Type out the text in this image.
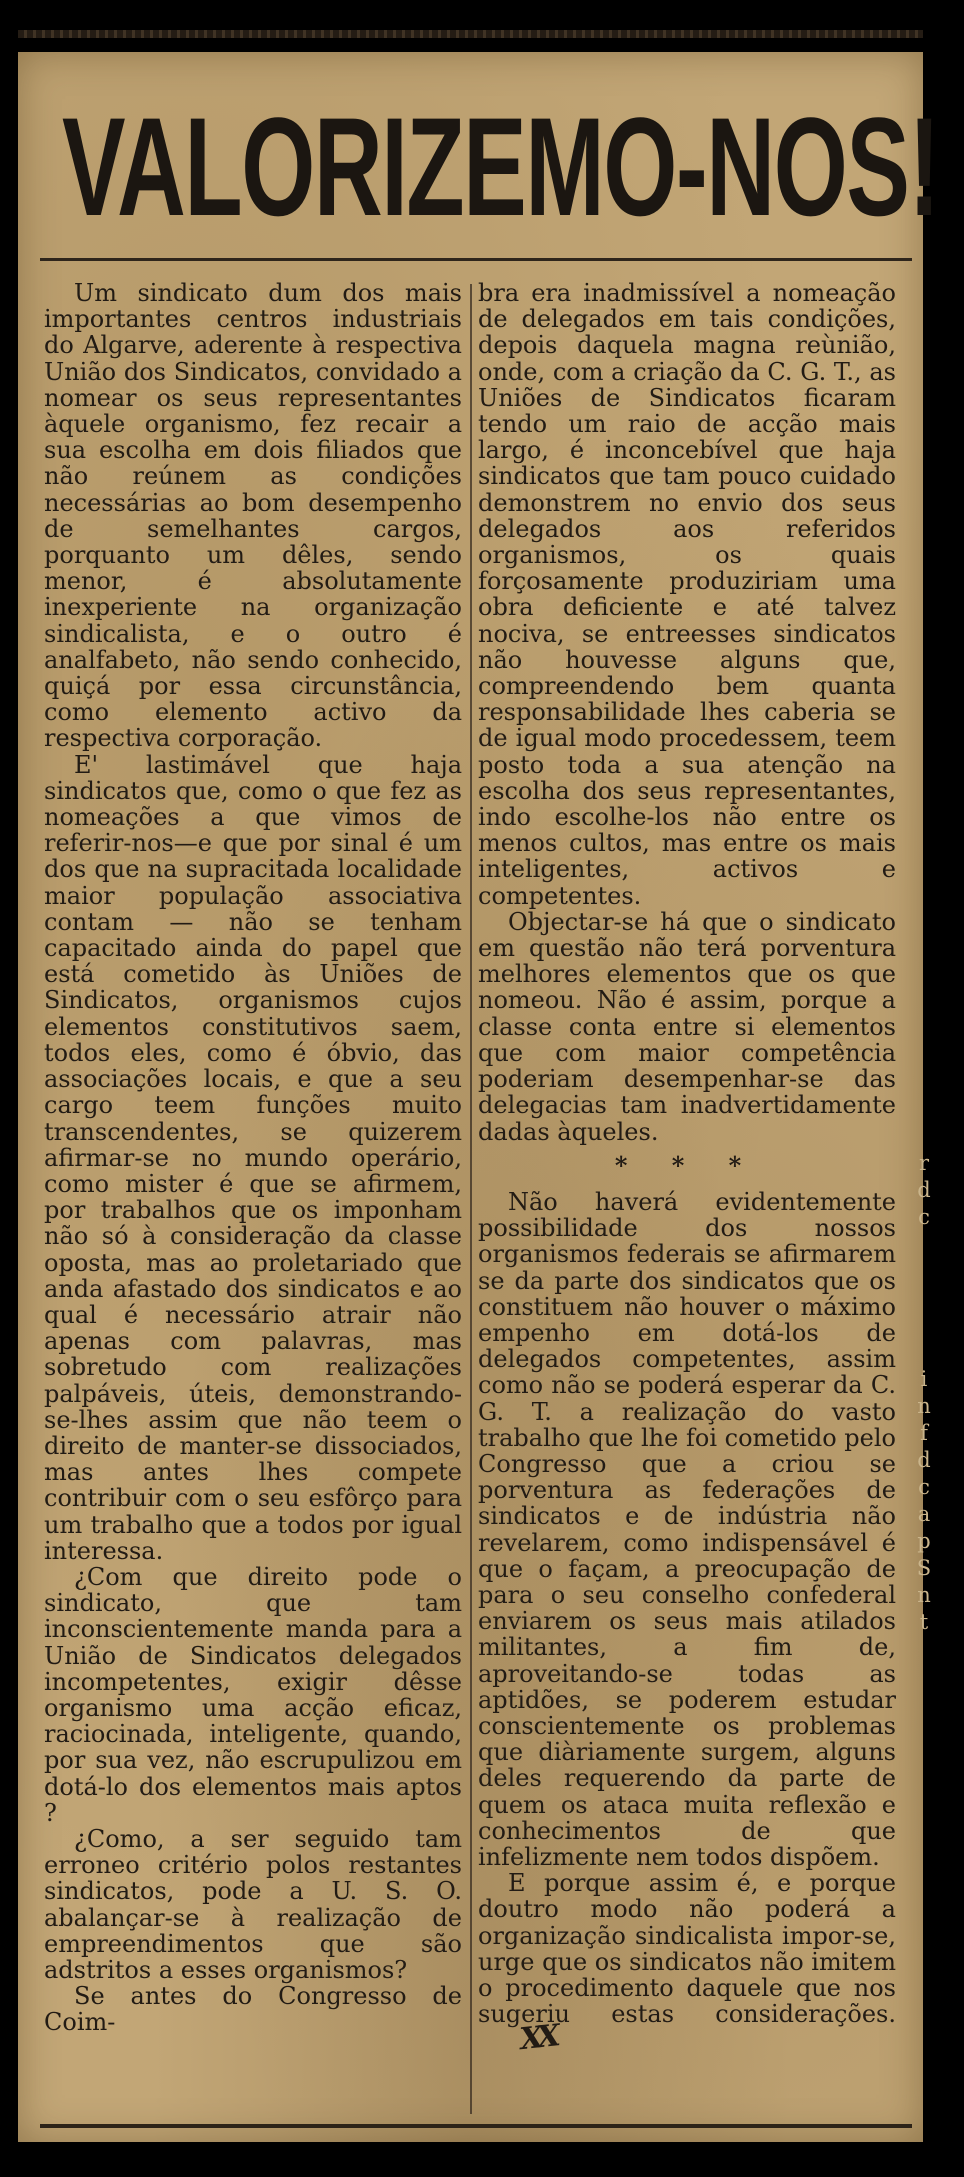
VALORIZEMO-NOS!

Um sindicato dum dos mais importantes centros industriais do Algarve, aderente à respectiva União dos Sindicatos, convidado a nomear os seus representantes àquele organismo, fez recair a sua escolha em dois filiados que não reúnem as condições necessárias ao bom desempenho de semelhantes cargos, porquanto um dêles, sendo menor, é absolutamente inexperiente na organização sindicalista, e o outro é analfabeto, não sendo conhecido, quiçá por essa circunstância, como elemento activo da respectiva corporação.

E' lastimável que haja sindicatos que, como o que fez as nomeações a que vimos de referir-nos—e que por sinal é um dos que na supracitada localidade maior população associativa contam — não se tenham capacitado ainda do papel que está cometido às Uniões de Sindicatos, organismos cujos elementos constitutivos saem, todos eles, como é óbvio, das associações locais, e que a seu cargo teem funções muito transcendentes, se quizerem afirmar-se no mundo operário, como mister é que se afirmem, por trabalhos que os imponham não só à consideração da classe oposta, mas ao proletariado que anda afastado dos sindicatos e ao qual é necessário atrair não apenas com palavras, mas sobretudo com realizações palpáveis, úteis, demonstrando-se-lhes assim que não teem o direito de manter-se dissociados, mas antes lhes compete contribuir com o seu esfôrço para um trabalho que a todos por igual interessa.

¿Com que direito pode o sindicato, que tam inconscientemente manda para a União de Sindicatos delegados incompetentes, exigir dêsse organismo uma acção eficaz, raciocinada, inteligente, quando, por sua vez, não escrupulizou em dotá-lo dos elementos mais aptos ?

¿Como, a ser seguido tam erroneo critério polos restantes sindicatos, pode a U. S. O. abalançar-se à realização de empreendimentos que são adstritos a esses organismos?

Se antes do Congresso de Coim-

bra era inadmissível a nomeação de delegados em tais condições, depois daquela magna reùnião, onde, com a criação da C. G. T., as Uniões de Sindicatos ficaram tendo um raio de acção mais largo, é inconcebível que haja sindicatos que tam pouco cuidado demonstrem no envio dos seus delegados aos referidos organismos, os quais forçosamente produziriam uma obra deficiente e até talvez nociva, se entreesses sindicatos não houvesse alguns que, compreendendo bem quanta responsabilidade lhes caberia se de igual modo procedessem, teem posto toda a sua atenção na escolha dos seus representantes, indo escolhe-los não entre os menos cultos, mas entre os mais inteligentes, activos e competentes.

Objectar-se há que o sindicato em questão não terá porventura melhores elementos que os que nomeou. Não é assim, porque a classe conta entre si elementos que com maior competência poderiam desempenhar-se das delegacias tam inadvertidamente dadas àqueles.

* * *

Não haverá evidentemente possibilidade dos nossos organismos federais se afirmarem se da parte dos sindicatos que os constituem não houver o máximo empenho em dotá-los de delegados competentes, assim como não se poderá esperar da C. G. T. a realização do vasto trabalho que lhe foi cometido pelo Congresso que a criou se porventura as federações de sindicatos e de indústria não revelarem, como indispensável é que o façam, a preocupação de para o seu conselho confederal enviarem os seus mais atilados militantes, a fim de, aproveitando-se todas as aptidões, se poderem estudar conscientemente os problemas que diàriamente surgem, alguns deles requerendo da parte de quem os ataca muita reflexão e conhecimentos de que infelizmente nem todos dispõem.

E porque assim é, e porque doutro modo não poderá a organização sindicalista impor-se, urge que os sindicatos não imitem o procedimento daquele que nos sugeriu estas considerações.XX

r
d
c

i
n
f
d
c
a
p
S
n
t
